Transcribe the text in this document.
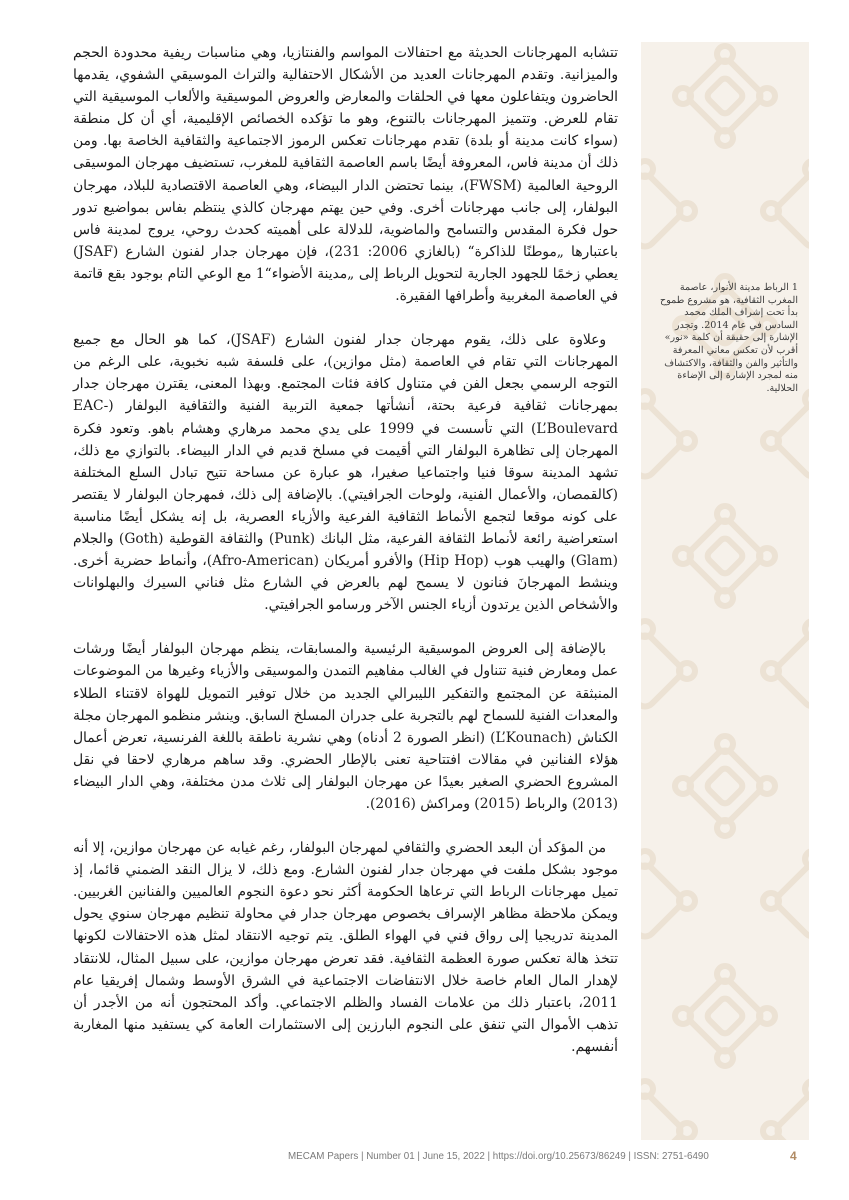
1 الرباط مدينة الأنوار، عاصمة المغرب الثقافية، هو مشروع طموح بدأ تحت إشراف الملك محمد السادس في عام 2014. وتجدر الإشارة إلى حقيقة أن كلمة «نور» أقرب لأن تعكس معاني المعرفة والتأثير والفن والثقافة، والاكتشاف منه لمجرد الإشارة إلى الإضاءة الحلالية.

تتشابه المهرجانات الحديثة مع احتفالات المواسم والفنتازيا، وهي مناسبات ريفية محدودة الحجم والميزانية. وتقدم المهرجانات العديد من الأشكال الاحتفالية والتراث الموسيقي الشفوي، يقدمها الحاضرون ويتفاعلون معها في الحلقات والمعارض والعروض الموسيقية والألعاب الموسيقية التي تقام للعرض. وتتميز المهرجانات بالتنوع، وهو ما تؤكده الخصائص الإقليمية، أي أن كل منطقة (سواء كانت مدينة أو بلدة) تقدم مهرجانات تعكس الرموز الاجتماعية والثقافية الخاصة بها. ومن ذلك أن مدينة فاس، المعروفة أيضًا باسم العاصمة الثقافية للمغرب، تستضيف مهرجان الموسيقى الروحية العالمية (FWSM)، بينما تحتضن الدار البيضاء، وهي العاصمة الاقتصادية للبلاد، مهرجان البولفار، إلى جانب مهرجانات أخرى. وفي حين يهتم مهرجان كالذي ينتظم بفاس بمواضيع تدور حول فكرة المقدس والتسامح والماضوية، للدلالة على أهميته كحدث روحي، يروج لمدينة فاس باعتبارها „موطنًا للذاكرة“ (بالغازي 2006: 231)، فإن مهرجان جدار لفنون الشارع (JSAF) يعطي زخمًا للجهود الجارية لتحويل الرباط إلى „مدينة الأضواء“1 مع الوعي التام بوجود بقع قاتمة في العاصمة المغربية وأطرافها الفقيرة.

وعلاوة على ذلك، يقوم مهرجان جدار لفنون الشارع (JSAF)، كما هو الحال مع جميع المهرجانات التي تقام في العاصمة (مثل موازين)، على فلسفة شبه نخبوية، على الرغم من التوجه الرسمي بجعل الفن في متناول كافة فئات المجتمع. وبهذا المعنى، يقترن مهرجان جدار بمهرجانات ثقافية فرعية بحتة، أنشأتها جمعية التربية الفنية والثقافية البولفار (EAC-L’Boulevard) التي تأسست في 1999 على يدي محمد مرهاري وهشام باهو. وتعود فكرة المهرجان إلى تظاهرة البولفار التي أقيمت في مسلخ قديم في الدار البيضاء. بالتوازي مع ذلك، تشهد المدينة سوقا فنيا واجتماعيا صغيرا، هو عبارة عن مساحة تتيح تبادل السلع المختلفة (كالقمصان، والأعمال الفنية، ولوحات الجرافيتي). بالإضافة إلى ذلك، فمهرجان البولفار لا يقتصر على كونه موقعا لتجمع الأنماط الثقافية الفرعية والأزياء العصرية، بل إنه يشكل أيضًا مناسبة استعراضية رائعة لأنماط الثقافة الفرعية، مثل البانك (Punk) والثقافة القوطية (Goth) والجلام (Glam) والهيب هوب (Hip Hop) والأفرو أمريكان (Afro-American)، وأنماط حضرية أخرى. وينشط المهرجانَ فنانون لا يسمح لهم بالعرض في الشارع مثل فناني السيرك والبهلوانات والأشخاص الذين يرتدون أزياء الجنس الآخر ورسامو الجرافيتي.

بالإضافة إلى العروض الموسيقية الرئيسية والمسابقات، ينظم مهرجان البولفار أيضًا ورشات عمل ومعارض فنية تتناول في الغالب مفاهيم التمدن والموسيقى والأزياء وغيرها من الموضوعات المنبثقة عن المجتمع والتفكير الليبرالي الجديد من خلال توفير التمويل للهواة لاقتناء الطلاء والمعدات الفنية للسماح لهم بالتجربة على جدران المسلخ السابق. وينشر منظمو المهرجان مجلة الكناش (L’Kounach) (انظر الصورة 2 أدناه) وهي نشرية ناطقة باللغة الفرنسية، تعرض أعمال هؤلاء الفنانين في مقالات افتتاحية تعنى بالإطار الحضري. وقد ساهم مرهاري لاحقا في نقل المشروع الحضري الصغير بعيدًا عن مهرجان البولفار إلى ثلاث مدن مختلفة، وهي الدار البيضاء (2013) والرباط (2015) ومراكش (2016).

من المؤكد أن البعد الحضري والثقافي لمهرجان البولفار، رغم غيابه عن مهرجان موازين، إلا أنه موجود بشكل ملفت في مهرجان جدار لفنون الشارع. ومع ذلك، لا يزال النقد الضمني قائما، إذ تميل مهرجانات الرباط التي ترعاها الحكومة أكثر نحو دعوة النجوم العالميين والفنانين الغربيين. ويمكن ملاحظة مظاهر الإسراف بخصوص مهرجان جدار في محاولة تنظيم مهرجان سنوي يحول المدينة تدريجيا إلى رواق فني في الهواء الطلق. يتم توجيه الانتقاد لمثل هذه الاحتفالات لكونها تتخذ هالة تعكس صورة العظمة الثقافية. فقد تعرض مهرجان موازين، على سبيل المثال، للانتقاد لإهدار المال العام خاصة خلال الانتفاضات الاجتماعية في الشرق الأوسط وشمال إفريقيا عام 2011، باعتبار ذلك من علامات الفساد والظلم الاجتماعي. وأكد المحتجون أنه من الأجدر أن تذهب الأموال التي تنفق على النجوم البارزين إلى الاستثمارات العامة كي يستفيد منها المغاربة أنفسهم.

MECAM Papers | Number 01 | June 15, 2022 | https://doi.org/10.25673/86249 | ISSN: 2751-6490	4
